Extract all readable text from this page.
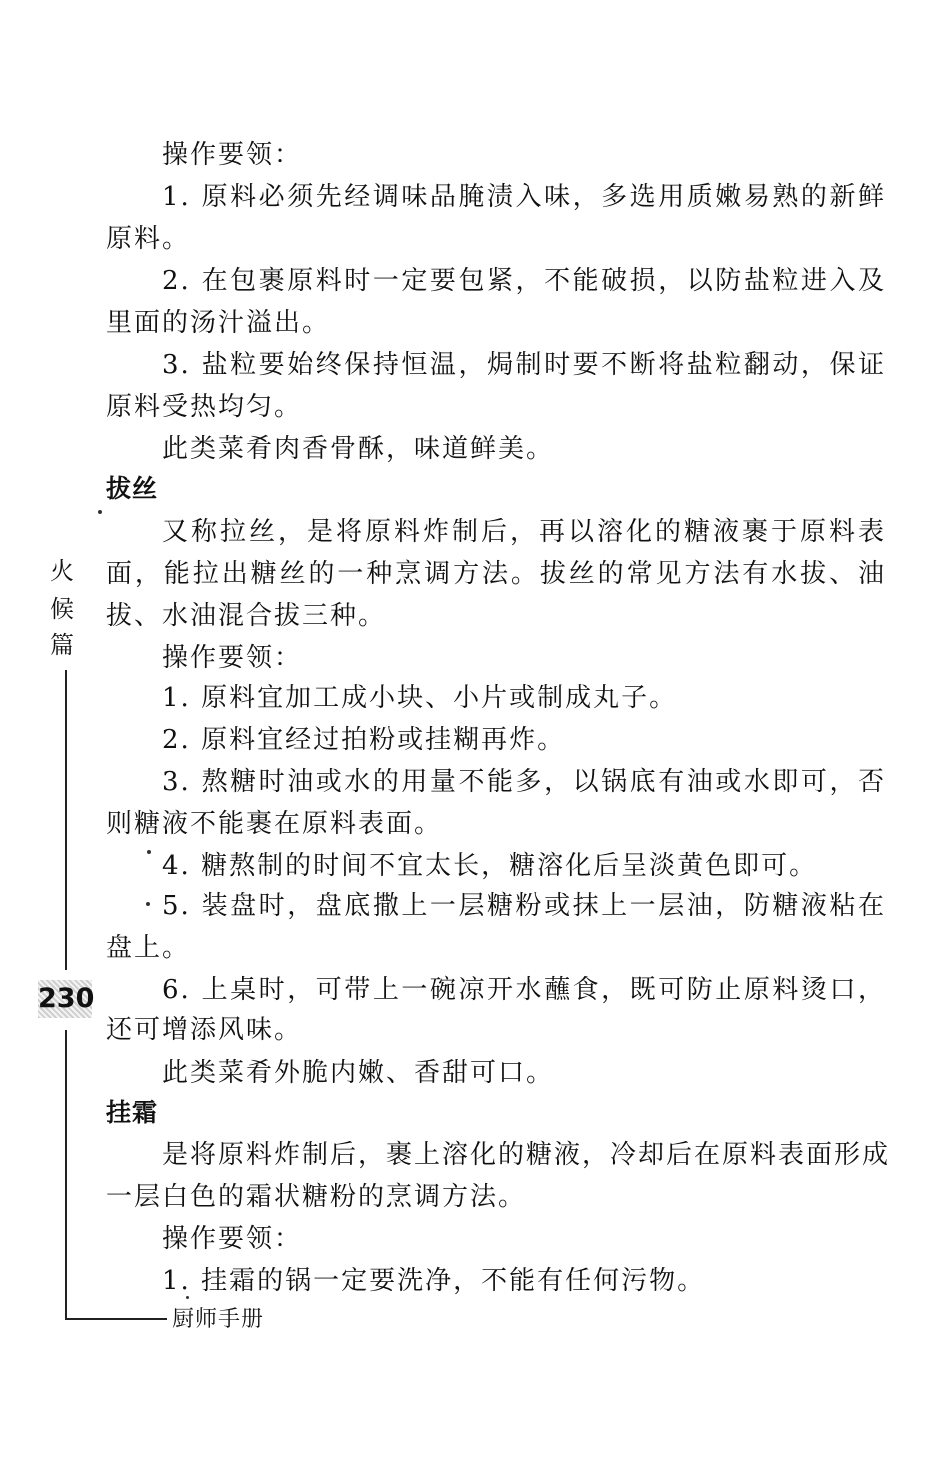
火
候
篇
230
厨师手册
操作要领：
1. 原料必须先经调味品腌渍入味，多选用质嫩易熟的新鲜
原料。
2. 在包裹原料时一定要包紧，不能破损，以防盐粒进入及
里面的汤汁溢出。
3. 盐粒要始终保持恒温，焗制时要不断将盐粒翻动，保证
原料受热均匀。
此类菜肴肉香骨酥，味道鲜美。
拔丝
又称拉丝，是将原料炸制后，再以溶化的糖液裹于原料表
面，能拉出糖丝的一种烹调方法。拔丝的常见方法有水拔、油
拔、水油混合拔三种。
操作要领：
1. 原料宜加工成小块、小片或制成丸子。
2. 原料宜经过拍粉或挂糊再炸。
3. 熬糖时油或水的用量不能多，以锅底有油或水即可，否
则糖液不能裹在原料表面。
4. 糖熬制的时间不宜太长，糖溶化后呈淡黄色即可。
5. 装盘时，盘底撒上一层糖粉或抹上一层油，防糖液粘在
盘上。
6. 上桌时，可带上一碗凉开水蘸食，既可防止原料烫口，
还可增添风味。
此类菜肴外脆内嫩、香甜可口。
挂霜
是将原料炸制后，裹上溶化的糖液，冷却后在原料表面形成
一层白色的霜状糖粉的烹调方法。
操作要领：
1. 挂霜的锅一定要洗净，不能有任何污物。
